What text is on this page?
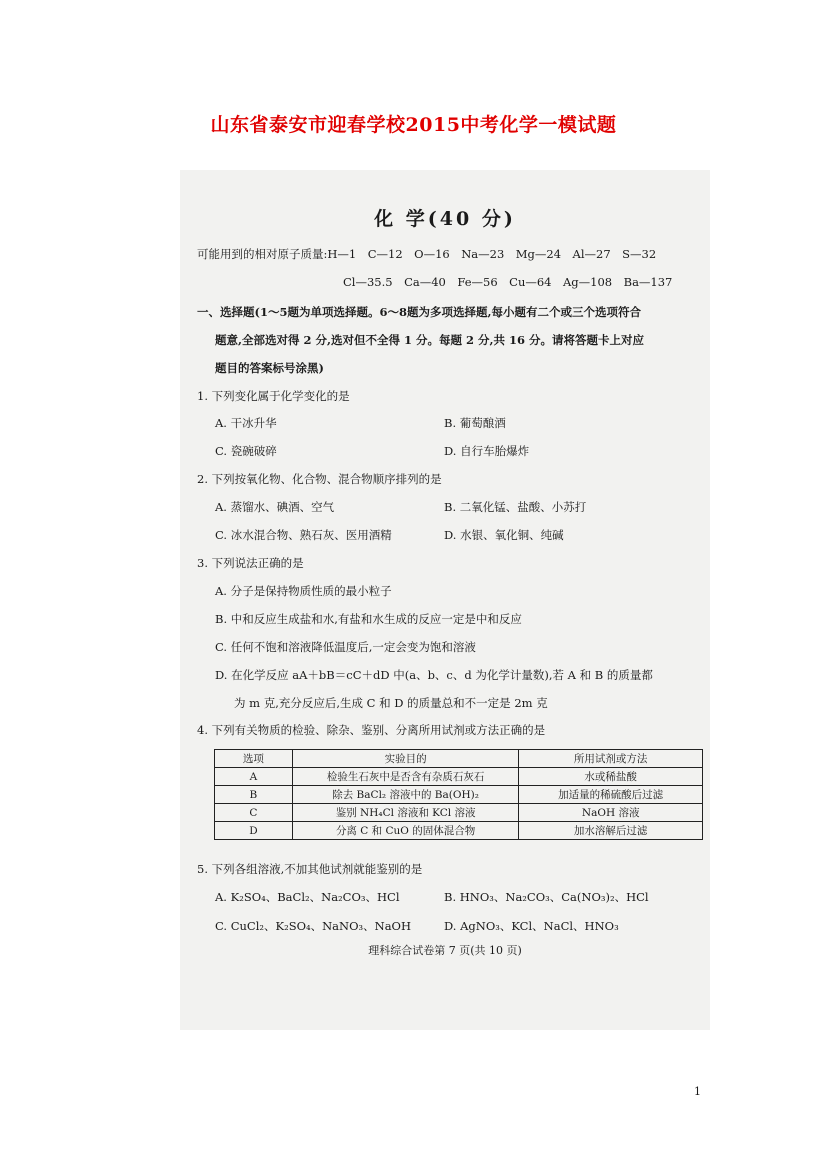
山东省泰安市迎春学校2015中考化学一模试题
化 学(40 分)
可能用到的相对原子质量:H—1　C—12　O—16　Na—23　Mg—24　Al—27　S—32
Cl—35.5　Ca—40　Fe—56　Cu—64　Ag—108　Ba—137
一、选择题(1～5题为单项选择题。6～8题为多项选择题,每小题有二个或三个选项符合
题意,全部选对得 2 分,选对但不全得 1 分。每题 2 分,共 16 分。请将答题卡上对应
题目的答案标号涂黑)
1. 下列变化属于化学变化的是
A. 干冰升华	B. 葡萄酿酒
C. 瓷碗破碎	D. 自行车胎爆炸
2. 下列按氧化物、化合物、混合物顺序排列的是
A. 蒸馏水、碘酒、空气	B. 二氧化锰、盐酸、小苏打
C. 冰水混合物、熟石灰、医用酒精	D. 水银、氧化铜、纯碱
3. 下列说法正确的是
A. 分子是保持物质性质的最小粒子
B. 中和反应生成盐和水,有盐和水生成的反应一定是中和反应
C. 任何不饱和溶液降低温度后,一定会变为饱和溶液
D. 在化学反应 aA＋bB＝cC＋dD 中(a、b、c、d 为化学计量数),若 A 和 B 的质量都
为 m 克,充分反应后,生成 C 和 D 的质量总和不一定是 2m 克
4. 下列有关物质的检验、除杂、鉴别、分离所用试剂或方法正确的是
选项	实验目的	所用试剂或方法
A	检验生石灰中是否含有杂质石灰石	水或稀盐酸
B	除去 BaCl₂ 溶液中的 Ba(OH)₂	加适量的稀硫酸后过滤
C	鉴别 NH₄Cl 溶液和 KCl 溶液	NaOH 溶液
D	分离 C 和 CuO 的固体混合物	加水溶解后过滤
5. 下列各组溶液,不加其他试剂就能鉴别的是
A. K₂SO₄、BaCl₂、Na₂CO₃、HCl	B. HNO₃、Na₂CO₃、Ca(NO₃)₂、HCl
C. CuCl₂、K₂SO₄、NaNO₃、NaOH	D. AgNO₃、KCl、NaCl、HNO₃
理科综合试卷第 7 页(共 10 页)
1
